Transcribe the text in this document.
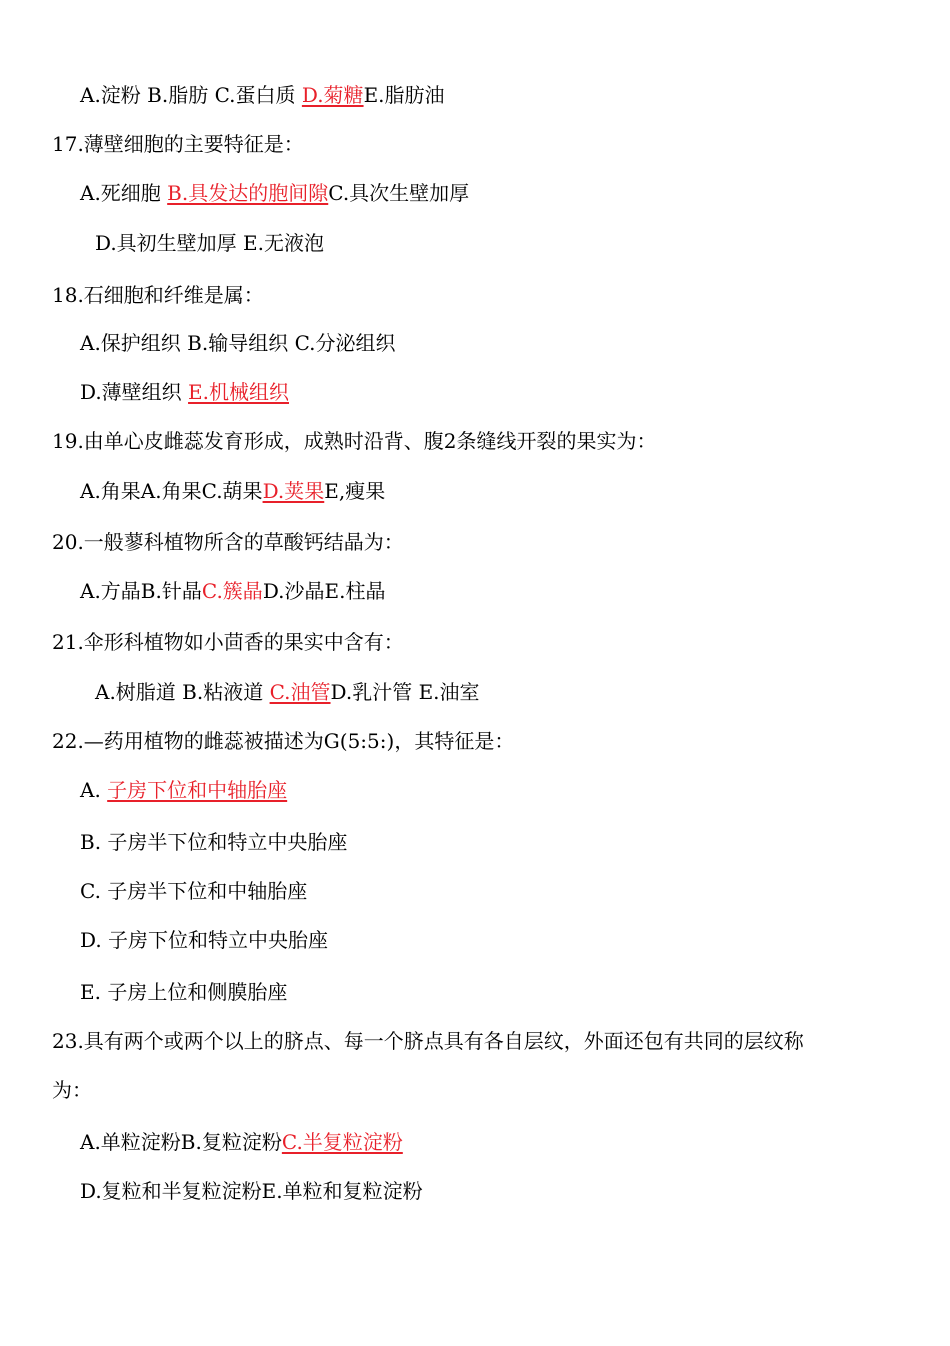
A.淀粉 B.脂肪 C.蛋白质 D.菊糖E.脂肪油
17.薄壁细胞的主要特征是：
A.死细胞 B.具发达的胞间隙C.具次生壁加厚
D.具初生壁加厚 E.无液泡
18.石细胞和纤维是属：
A.保护组织 B.输导组织 C.分泌组织
D.薄壁组织 E.机械组织
19.由单心皮雌蕊发育形成，成熟时沿背、腹2条缝线开裂的果实为：
A.角果A.角果C.葫果D.荚果E,瘦果
20.一般蓼科植物所含的草酸钙结晶为：
A.方晶B.针晶C.簇晶D.沙晶E.柱晶
21.伞形科植物如小茴香的果实中含有：
A.树脂道 B.粘液道 C.油管D.乳汁管 E.油室
22.—药用植物的雌蕊被描述为G(5:5:)，其特征是：
A. 子房下位和中轴胎座
B. 子房半下位和特立中央胎座
C. 子房半下位和中轴胎座
D. 子房下位和特立中央胎座
E. 子房上位和侧膜胎座
23.具有两个或两个以上的脐点、每一个脐点具有各自层纹，外面还包有共同的层纹称
为：
A.单粒淀粉B.复粒淀粉C.半复粒淀粉
D.复粒和半复粒淀粉E.单粒和复粒淀粉
